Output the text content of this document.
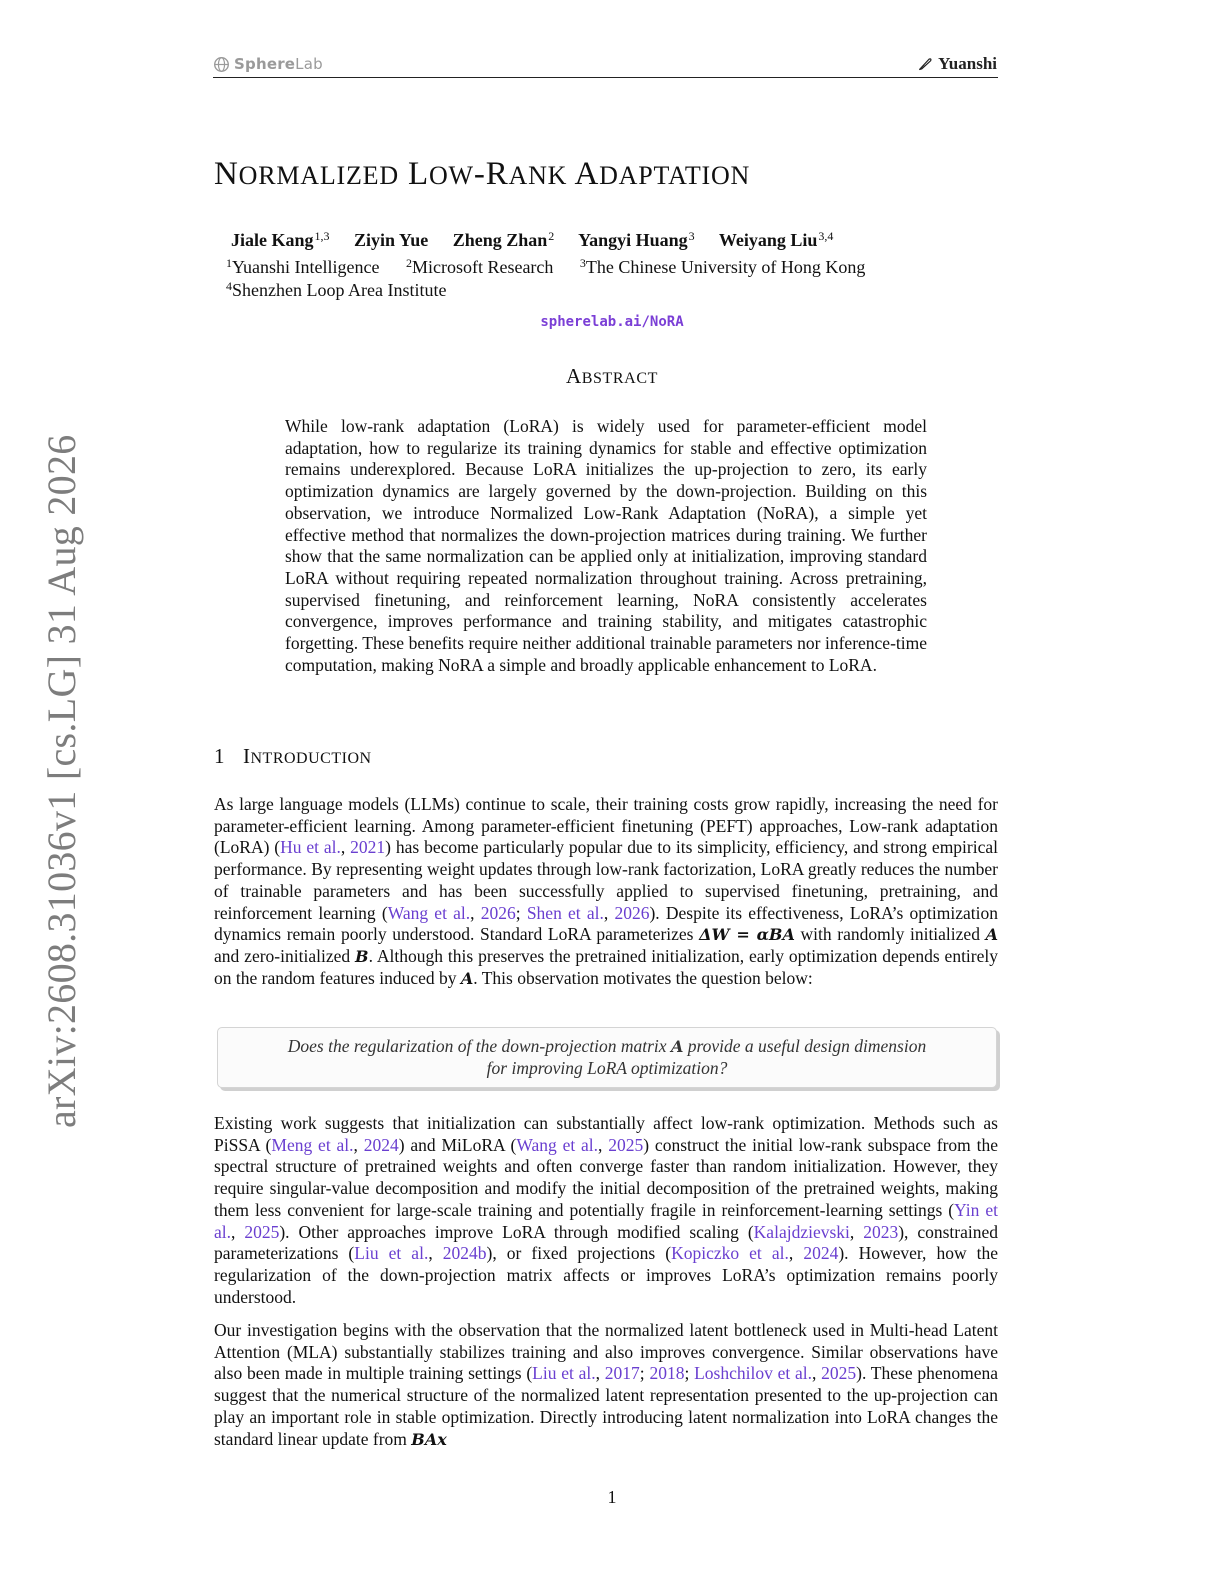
SphereLab	Yuanshi
arXiv:2608.31036v1 [cs.LG] 31 Aug 2026
NORMALIZED LOW-RANK ADAPTATION
Jiale Kang$^{1,3}$ Ziyin Yue Zheng Zhan$^2$ Yangyi Huang$^3$ Weiyang Liu$^{3,4}$
$^1$Yuanshi Intelligence $^2$Microsoft Research $^3$The Chinese University of Hong Kong
$^4$Shenzhen Loop Area Institute
spherelab.ai/NoRA
ABSTRACT
While low-rank adaptation (LoRA) is widely used for parameter-efficient model adaptation, how to regularize its training dynamics for stable and effective optimization remains underexplored. Because LoRA initializes the up-projection to zero, its early optimization dynamics are largely governed by the down-projection. Building on this observation, we introduce Normalized Low-Rank Adaptation (NoRA), a simple yet effective method that normalizes the down-projection matrices during training. We further show that the same normalization can be applied only at initialization, improving standard LoRA without requiring repeated normalization throughout training. Across pretraining, supervised finetuning, and reinforcement learning, NoRA consistently accelerates convergence, improves performance and training stability, and mitigates catastrophic forgetting. These benefits require neither additional trainable parameters nor inference-time computation, making NoRA a simple and broadly applicable enhancement to LoRA.
1 INTRODUCTION
As large language models (LLMs) continue to scale, their training costs grow rapidly, increasing the need for parameter-efficient learning. Among parameter-efficient finetuning (PEFT) approaches, Low-rank adaptation (LoRA) (Hu et al., 2021) has become particularly popular due to its simplicity, efficiency, and strong empirical performance. By representing weight updates through low-rank factorization, LoRA greatly reduces the number of trainable parameters and has been successfully applied to supervised finetuning, pretraining, and reinforcement learning (Wang et al., 2026; Shen et al., 2026). Despite its effectiveness, LoRA’s optimization dynamics remain poorly understood. Standard LoRA parameterizes ΔW = αBA with randomly initialized A and zero-initialized B. Although this preserves the pretrained initialization, early optimization depends entirely on the random features induced by A. This observation motivates the question below:
Does the regularization of the down-projection matrix A provide a useful design dimension
for improving LoRA optimization?
Existing work suggests that initialization can substantially affect low-rank optimization. Methods such as PiSSA (Meng et al., 2024) and MiLoRA (Wang et al., 2025) construct the initial low-rank subspace from the spectral structure of pretrained weights and often converge faster than random initialization. However, they require singular-value decomposition and modify the initial decomposition of the pretrained weights, making them less convenient for large-scale training and potentially fragile in reinforcement-learning settings (Yin et al., 2025). Other approaches improve LoRA through modified scaling (Kalajdzievski, 2023), constrained parameterizations (Liu et al., 2024b), or fixed projections (Kopiczko et al., 2024). However, how the regularization of the down-projection matrix affects or improves LoRA’s optimization remains poorly understood.
Our investigation begins with the observation that the normalized latent bottleneck used in Multi-head Latent Attention (MLA) substantially stabilizes training and also improves convergence. Similar observations have also been made in multiple training settings (Liu et al., 2017; 2018; Loshchilov et al., 2025). These phenomena suggest that the numerical structure of the normalized latent representation presented to the up-projection can play an important role in stable optimization. Directly introducing latent normalization into LoRA changes the standard linear update from BAx
1
